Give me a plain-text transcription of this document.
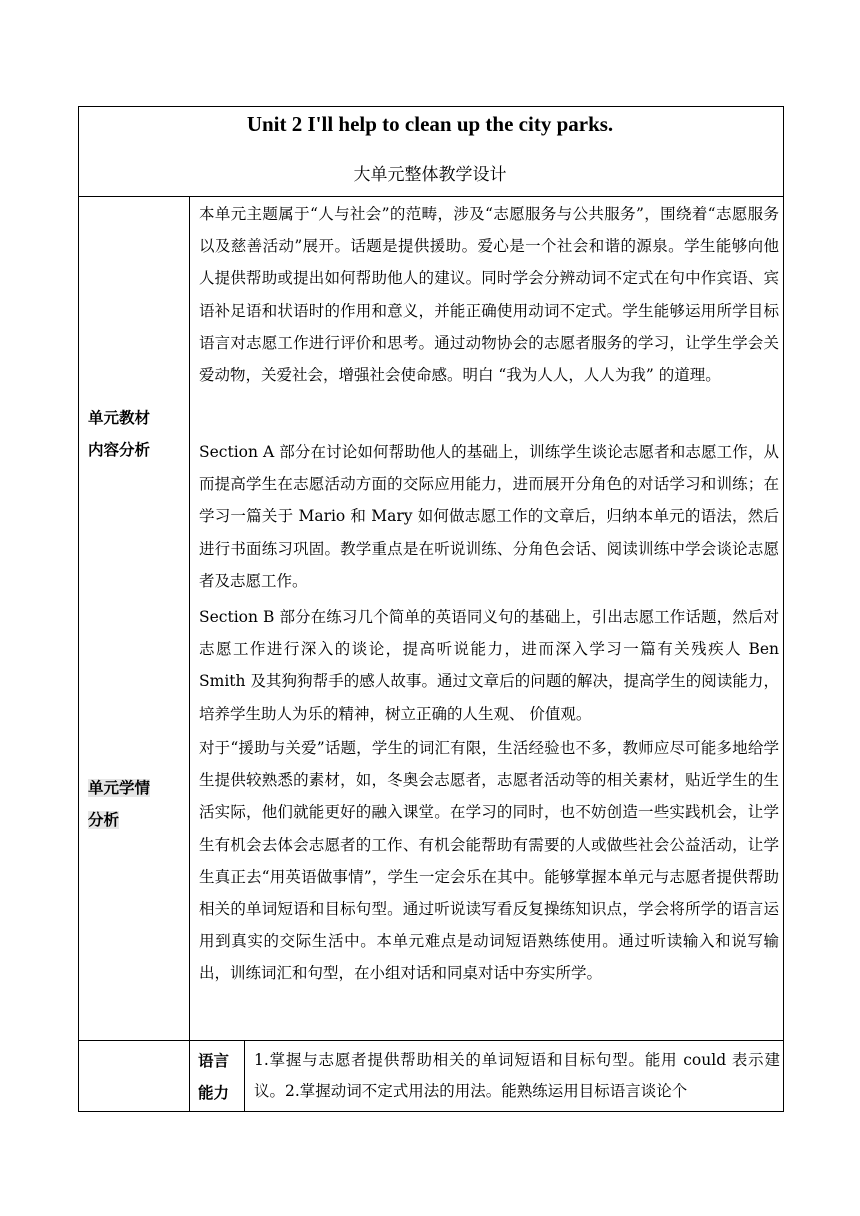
Unit 2 I'll help to clean up the city parks.
大单元整体教学设计
单元教材
内容分析

本单元主题属于“人与社会”的范畴，涉及“志愿服务与公共服务”，围绕着“志愿服务以及慈善活动”展开。话题是提供援助。爱心是一个社会和谐的源泉。学生能够向他人提供帮助或提出如何帮助他人的建议。同时学会分辨动词不定式在句中作宾语、宾语补足语和状语时的作用和意义，并能正确使用动词不定式。学生能够运用所学目标语言对志愿工作进行评价和思考。通过动物协会的志愿者服务的学习，让学生学会关爱动物，关爱社会，增强社会使命感。明白 “我为人人，人人为我” 的道理。

Section A 部分在讨论如何帮助他人的基础上，训练学生谈论志愿者和志愿工作，从而提高学生在志愿活动方面的交际应用能力，进而展开分角色的对话学习和训练；在学习一篇关于 Mario 和 Mary 如何做志愿工作的文章后，归纳本单元的语法，然后进行书面练习巩固。教学重点是在听说训练、分角色会话、阅读训练中学会谈论志愿者及志愿工作。

Section B 部分在练习几个简单的英语同义句的基础上，引出志愿工作话题，然后对志愿工作进行深入的谈论，提高听说能力，进而深入学习一篇有关残疾人 Ben Smith 及其狗狗帮手的感人故事。通过文章后的问题的解决，提高学生的阅读能力，培养学生助人为乐的精神，树立正确的人生观、 价值观。

单元学情
分析

对于“援助与关爱”话题，学生的词汇有限，生活经验也不多，教师应尽可能多地给学生提供较熟悉的素材，如，冬奥会志愿者，志愿者活动等的相关素材，贴近学生的生活实际，他们就能更好的融入课堂。在学习的同时，也不妨创造一些实践机会，让学生有机会去体会志愿者的工作、有机会能帮助有需要的人或做些社会公益活动，让学生真正去“用英语做事情”，学生一定会乐在其中。能够掌握本单元与志愿者提供帮助相关的单词短语和目标句型。通过听说读写看反复操练知识点，学会将所学的语言运用到真实的交际生活中。本单元难点是动词短语熟练使用。通过听读输入和说写输出，训练词汇和句型，在小组对话和同桌对话中夯实所学。

语言
能力

1.掌握与志愿者提供帮助相关的单词短语和目标句型。能用 could 表示建议。2.掌握动词不定式用法的用法。能熟练运用目标语言谈论个
